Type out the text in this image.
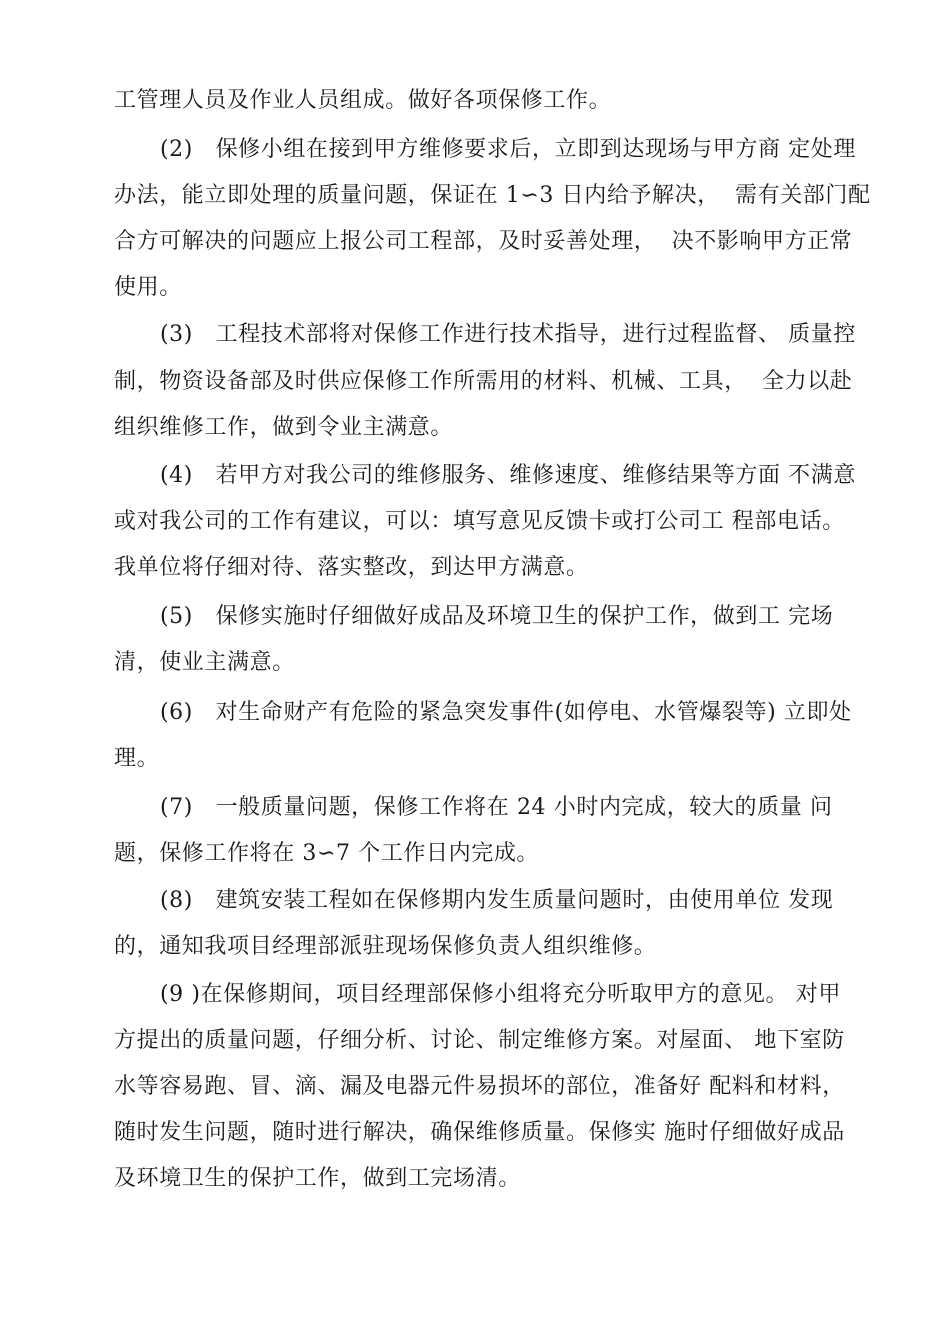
工管理人员及作业人员组成。做好各项保修工作。
(2)　保修小组在接到甲方维修要求后，立即到达现场与甲方商 定处理
办法，能立即处理的质量问题，保证在 1∽3 日内给予解决，  需有关部门配
合方可解决的问题应上报公司工程部，及时妥善处理，  决不影响甲方正常
使用。
(3)　工程技术部将对保修工作进行技术指导，进行过程监督、 质量控
制，物资设备部及时供应保修工作所需用的材料、机械、工具，  全力以赴
组织维修工作，做到令业主满意。
(4)　若甲方对我公司的维修服务、维修速度、维修结果等方面 不满意
或对我公司的工作有建议，可以：填写意见反馈卡或打公司工 程部电话。
我单位将仔细对待、落实整改，到达甲方满意。
(5)　保修实施时仔细做好成品及环境卫生的保护工作，做到工 完场
清，使业主满意。
(6)　对生命财产有危险的紧急突发事件(如停电、水管爆裂等) 立即处
理。
(7)　一般质量问题，保修工作将在 24 小时内完成，较大的质量 问
题，保修工作将在 3∽7 个工作日内完成。
(8)　建筑安装工程如在保修期内发生质量问题时，由使用单位 发现
的，通知我项目经理部派驻现场保修负责人组织维修。
(9 )在保修期间，项目经理部保修小组将充分听取甲方的意见。 对甲
方提出的质量问题，仔细分析、讨论、制定维修方案。对屋面、 地下室防
水等容易跑、冒、滴、漏及电器元件易损坏的部位，准备好 配料和材料，
随时发生问题，随时进行解决，确保维修质量。保修实 施时仔细做好成品
及环境卫生的保护工作，做到工完场清。
